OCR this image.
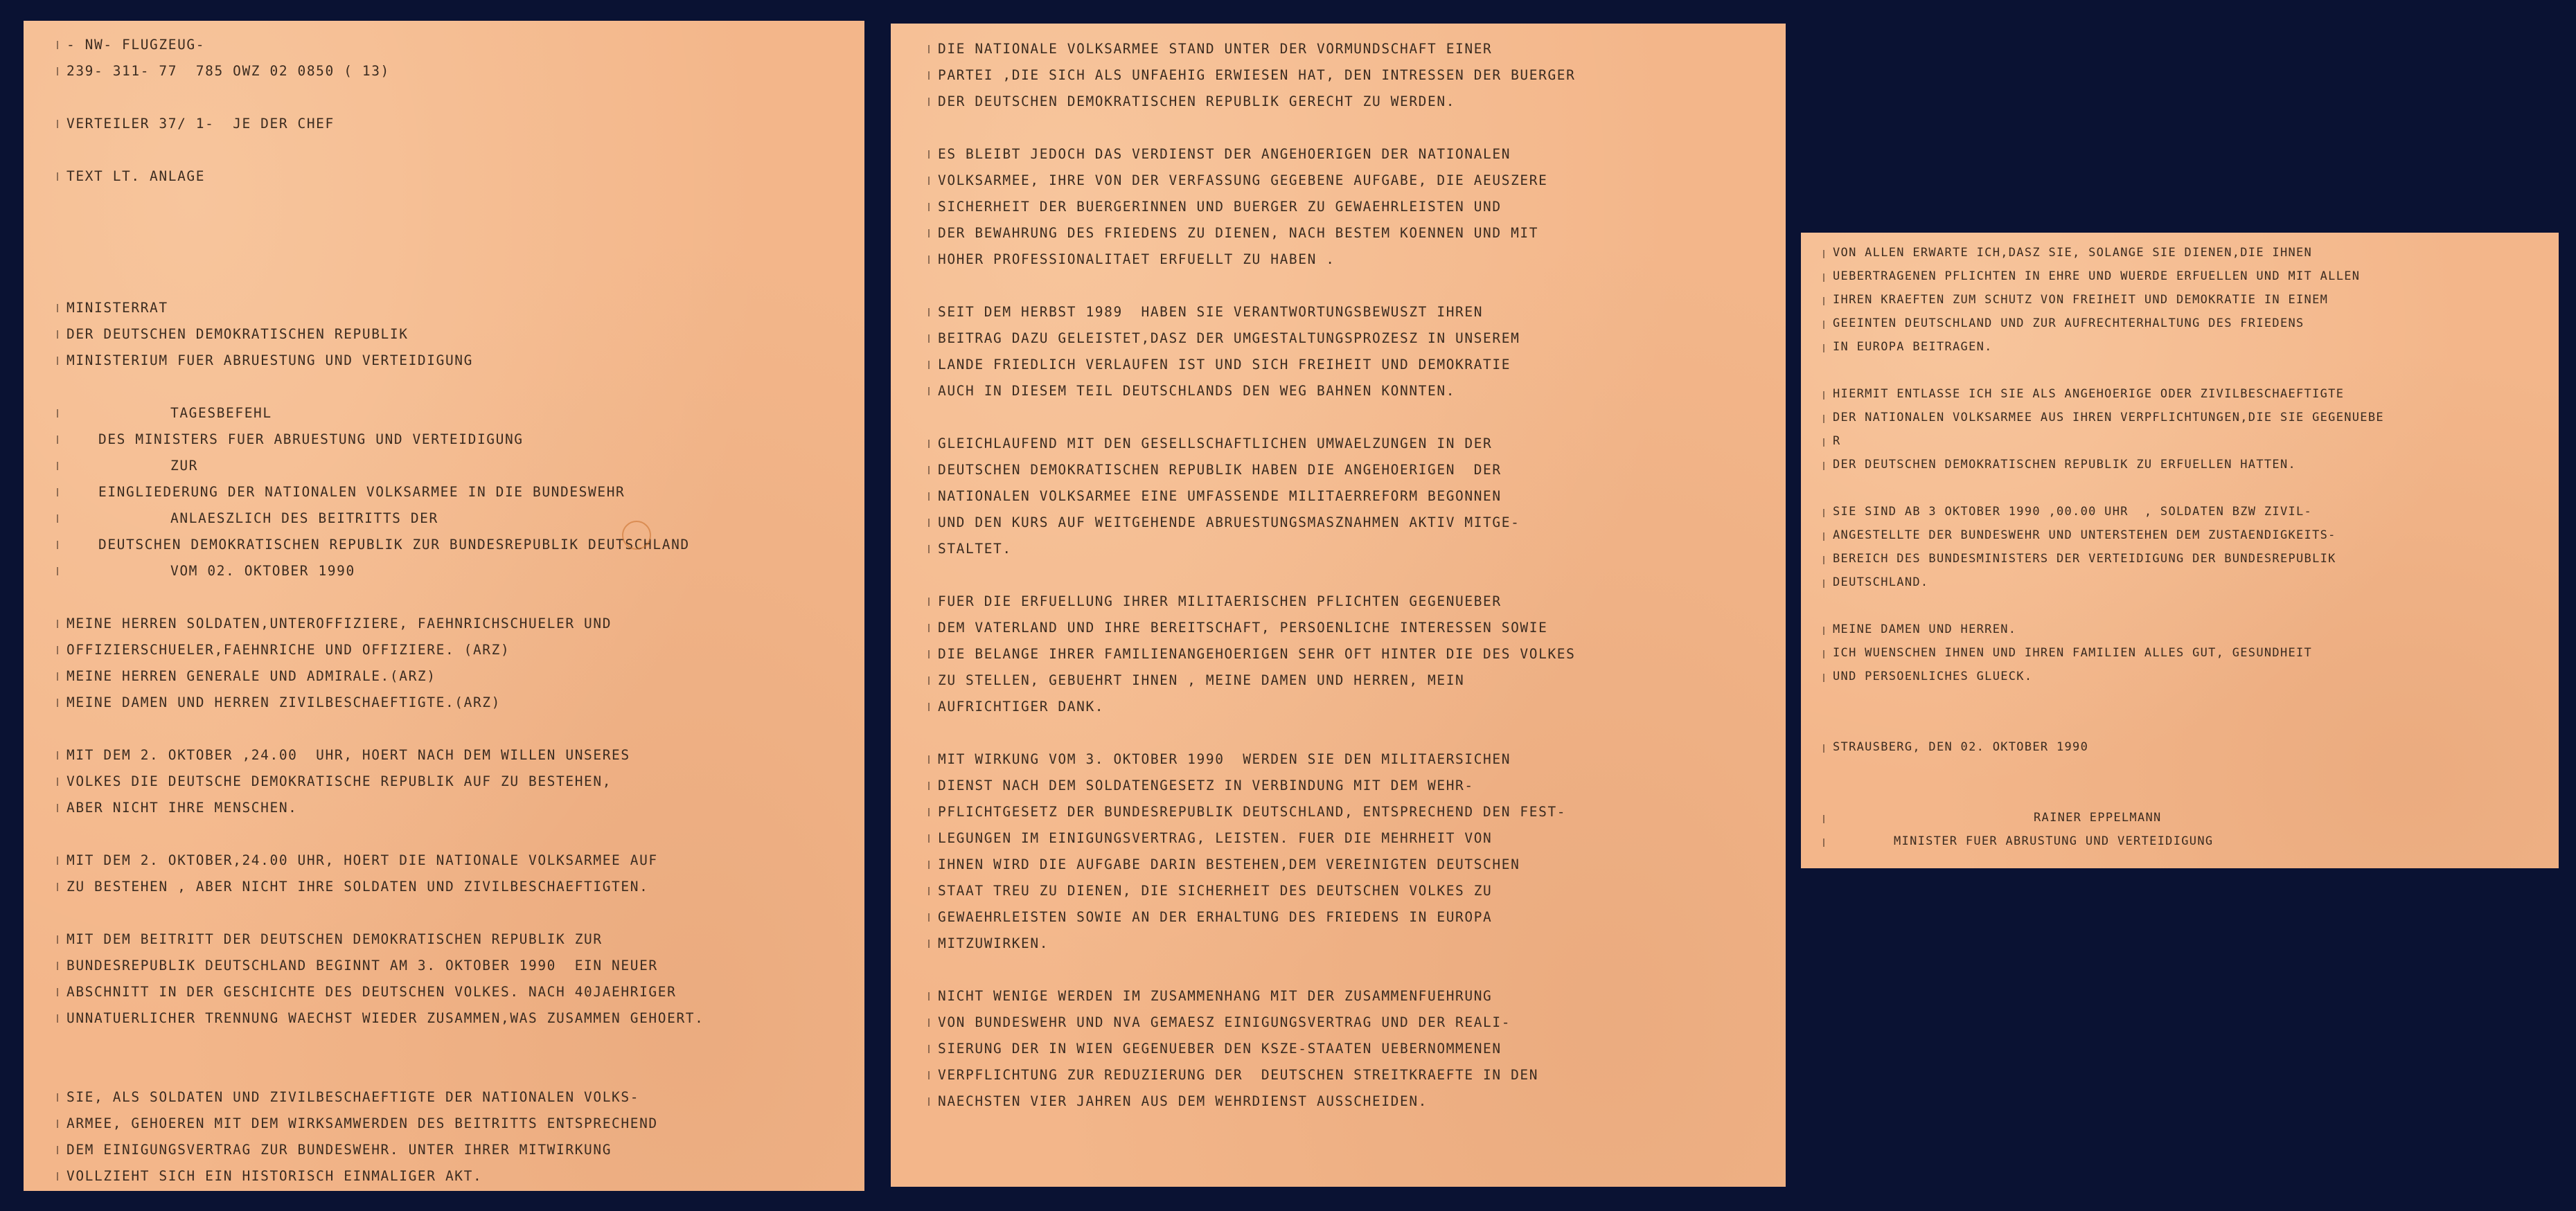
- NW- FLUGZEUG-
239- 311- 77  785 OWZ 02 0850 ( 13)
VERTEILER 37/ 1-  JE DER CHEF
TEXT LT. ANLAGE
MINISTERRAT
DER DEUTSCHEN DEMOKRATISCHEN REPUBLIK
MINISTERIUM FUER ABRUESTUNG UND VERTEIDIGUNG
TAGESBEFEHL
DES MINISTERS FUER ABRUESTUNG UND VERTEIDIGUNG
ZUR
EINGLIEDERUNG DER NATIONALEN VOLKSARMEE IN DIE BUNDESWEHR
ANLAESZLICH DES BEITRITTS DER
DEUTSCHEN DEMOKRATISCHEN REPUBLIK ZUR BUNDESREPUBLIK DEUTSCHLAND
VOM 02. OKTOBER 1990
MEINE HERREN SOLDATEN,UNTEROFFIZIERE, FAEHNRICHSCHUELER UND
OFFIZIERSCHUELER,FAEHNRICHE UND OFFIZIERE. (ARZ)
MEINE HERREN GENERALE UND ADMIRALE.(ARZ)
MEINE DAMEN UND HERREN ZIVILBESCHAEFTIGTE.(ARZ)
MIT DEM 2. OKTOBER ,24.00  UHR, HOERT NACH DEM WILLEN UNSERES
VOLKES DIE DEUTSCHE DEMOKRATISCHE REPUBLIK AUF ZU BESTEHEN,
ABER NICHT IHRE MENSCHEN.
MIT DEM 2. OKTOBER,24.00 UHR, HOERT DIE NATIONALE VOLKSARMEE AUF
ZU BESTEHEN , ABER NICHT IHRE SOLDATEN UND ZIVILBESCHAEFTIGTEN.
MIT DEM BEITRITT DER DEUTSCHEN DEMOKRATISCHEN REPUBLIK ZUR
BUNDESREPUBLIK DEUTSCHLAND BEGINNT AM 3. OKTOBER 1990  EIN NEUER
ABSCHNITT IN DER GESCHICHTE DES DEUTSCHEN VOLKES. NACH 40JAEHRIGER
UNNATUERLICHER TRENNUNG WAECHST WIEDER ZUSAMMEN,WAS ZUSAMMEN GEHOERT.
SIE, ALS SOLDATEN UND ZIVILBESCHAEFTIGTE DER NATIONALEN VOLKS-
ARMEE, GEHOEREN MIT DEM WIRKSAMWERDEN DES BEITRITTS ENTSPRECHEND
DEM EINIGUNGSVERTRAG ZUR BUNDESWEHR. UNTER IHRER MITWIRKUNG
VOLLZIEHT SICH EIN HISTORISCH EINMALIGER AKT.
DIE NATIONALE VOLKSARMEE STAND UNTER DER VORMUNDSCHAFT EINER
PARTEI ,DIE SICH ALS UNFAEHIG ERWIESEN HAT, DEN INTRESSEN DER BUERGER
DER DEUTSCHEN DEMOKRATISCHEN REPUBLIK GERECHT ZU WERDEN.
ES BLEIBT JEDOCH DAS VERDIENST DER ANGEHOERIGEN DER NATIONALEN
VOLKSARMEE, IHRE VON DER VERFASSUNG GEGEBENE AUFGABE, DIE AEUSZERE
SICHERHEIT DER BUERGERINNEN UND BUERGER ZU GEWAEHRLEISTEN UND
DER BEWAHRUNG DES FRIEDENS ZU DIENEN, NACH BESTEM KOENNEN UND MIT
HOHER PROFESSIONALITAET ERFUELLT ZU HABEN .
SEIT DEM HERBST 1989  HABEN SIE VERANTWORTUNGSBEWUSZT IHREN
BEITRAG DAZU GELEISTET,DASZ DER UMGESTALTUNGSPROZESZ IN UNSEREM
LANDE FRIEDLICH VERLAUFEN IST UND SICH FREIHEIT UND DEMOKRATIE
AUCH IN DIESEM TEIL DEUTSCHLANDS DEN WEG BAHNEN KONNTEN.
GLEICHLAUFEND MIT DEN GESELLSCHAFTLICHEN UMWAELZUNGEN IN DER
DEUTSCHEN DEMOKRATISCHEN REPUBLIK HABEN DIE ANGEHOERIGEN  DER
NATIONALEN VOLKSARMEE EINE UMFASSENDE MILITAERREFORM BEGONNEN
UND DEN KURS AUF WEITGEHENDE ABRUESTUNGSMASZNAHMEN AKTIV MITGE-
STALTET.
FUER DIE ERFUELLUNG IHRER MILITAERISCHEN PFLICHTEN GEGENUEBER
DEM VATERLAND UND IHRE BEREITSCHAFT, PERSOENLICHE INTERESSEN SOWIE
DIE BELANGE IHRER FAMILIENANGEHOERIGEN SEHR OFT HINTER DIE DES VOLKES
ZU STELLEN, GEBUEHRT IHNEN , MEINE DAMEN UND HERREN, MEIN
AUFRICHTIGER DANK.
MIT WIRKUNG VOM 3. OKTOBER 1990  WERDEN SIE DEN MILITAERSICHEN
DIENST NACH DEM SOLDATENGESETZ IN VERBINDUNG MIT DEM WEHR-
PFLICHTGESETZ DER BUNDESREPUBLIK DEUTSCHLAND, ENTSPRECHEND DEN FEST-
LEGUNGEN IM EINIGUNGSVERTRAG, LEISTEN. FUER DIE MEHRHEIT VON
IHNEN WIRD DIE AUFGABE DARIN BESTEHEN,DEM VEREINIGTEN DEUTSCHEN
STAAT TREU ZU DIENEN, DIE SICHERHEIT DES DEUTSCHEN VOLKES ZU
GEWAEHRLEISTEN SOWIE AN DER ERHALTUNG DES FRIEDENS IN EUROPA
MITZUWIRKEN.
NICHT WENIGE WERDEN IM ZUSAMMENHANG MIT DER ZUSAMMENFUEHRUNG
VON BUNDESWEHR UND NVA GEMAESZ EINIGUNGSVERTRAG UND DER REALI-
SIERUNG DER IN WIEN GEGENUEBER DEN KSZE-STAATEN UEBERNOMMENEN
VERPFLICHTUNG ZUR REDUZIERUNG DER  DEUTSCHEN STREITKRAEFTE IN DEN
NAECHSTEN VIER JAHREN AUS DEM WEHRDIENST AUSSCHEIDEN.
VON ALLEN ERWARTE ICH,DASZ SIE, SOLANGE SIE DIENEN,DIE IHNEN
UEBERTRAGENEN PFLICHTEN IN EHRE UND WUERDE ERFUELLEN UND MIT ALLEN
IHREN KRAEFTEN ZUM SCHUTZ VON FREIHEIT UND DEMOKRATIE IN EINEM
GEEINTEN DEUTSCHLAND UND ZUR AUFRECHTERHALTUNG DES FRIEDENS
IN EUROPA BEITRAGEN.
HIERMIT ENTLASSE ICH SIE ALS ANGEHOERIGE ODER ZIVILBESCHAEFTIGTE
DER NATIONALEN VOLKSARMEE AUS IHREN VERPFLICHTUNGEN,DIE SIE GEGENUEBE
R
DER DEUTSCHEN DEMOKRATISCHEN REPUBLIK ZU ERFUELLEN HATTEN.
SIE SIND AB 3 OKTOBER 1990 ,00.00 UHR  , SOLDATEN BZW ZIVIL-
ANGESTELLTE DER BUNDESWEHR UND UNTERSTEHEN DEM ZUSTAENDIGKEITS-
BEREICH DES BUNDESMINISTERS DER VERTEIDIGUNG DER BUNDESREPUBLIK
DEUTSCHLAND.
MEINE DAMEN UND HERREN.
ICH WUENSCHEN IHNEN UND IHREN FAMILIEN ALLES GUT, GESUNDHEIT
UND PERSOENLICHES GLUECK.
STRAUSBERG, DEN 02. OKTOBER 1990
RAINER EPPELMANN
MINISTER FUER ABRUSTUNG UND VERTEIDIGUNG
